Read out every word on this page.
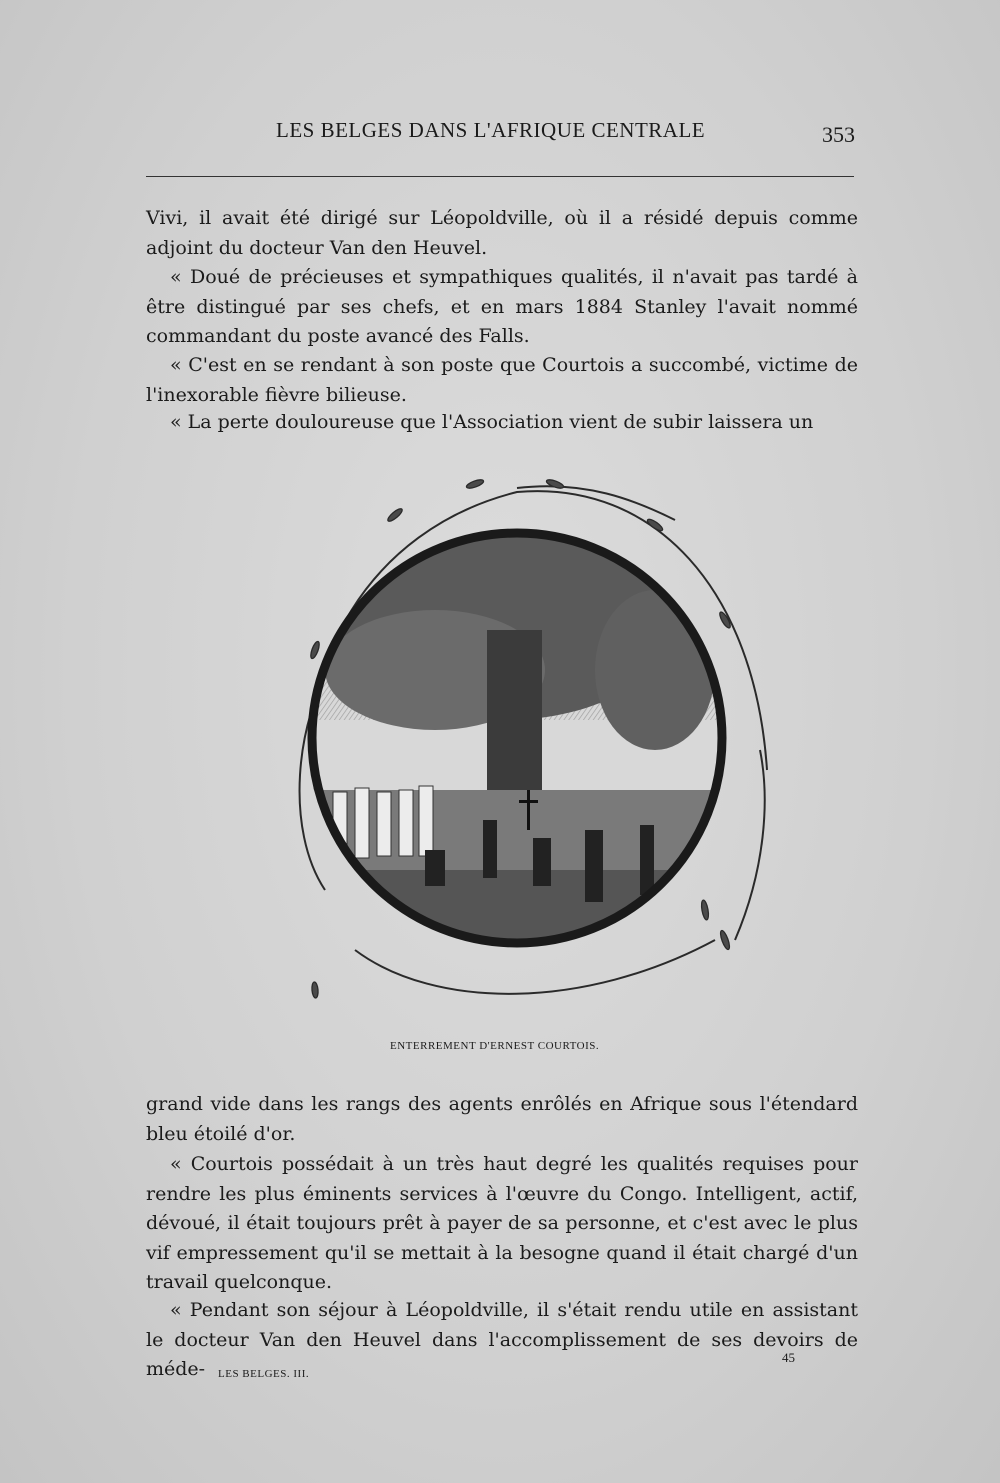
LES BELGES DANS L'AFRIQUE CENTRALE	353

Vivi, il avait été dirigé sur Léopoldville, où il a résidé depuis comme adjoint du docteur Van den Heuvel.

« Doué de précieuses et sympathiques qualités, il n'avait pas tardé à être distingué par ses chefs, et en mars 1884 Stanley l'avait nommé commandant du poste avancé des Falls.

« C'est en se rendant à son poste que Courtois a succombé, victime de l'inexorable fièvre bilieuse.

« La perte douloureuse que l'Association vient de subir laissera un

ENTERREMENT D'ERNEST COURTOIS.

grand vide dans les rangs des agents enrôlés en Afrique sous l'étendard bleu étoilé d'or.

« Courtois possédait à un très haut degré les qualités requises pour rendre les plus éminents services à l'œuvre du Congo. Intelligent, actif, dévoué, il était toujours prêt à payer de sa personne, et c'est avec le plus vif empressement qu'il se mettait à la besogne quand il était chargé d'un travail quelconque.

« Pendant son séjour à Léopoldville, il s'était rendu utile en assistant le docteur Van den Heuvel dans l'accomplissement de ses devoirs de méde-	LES BELGES. III.
45
